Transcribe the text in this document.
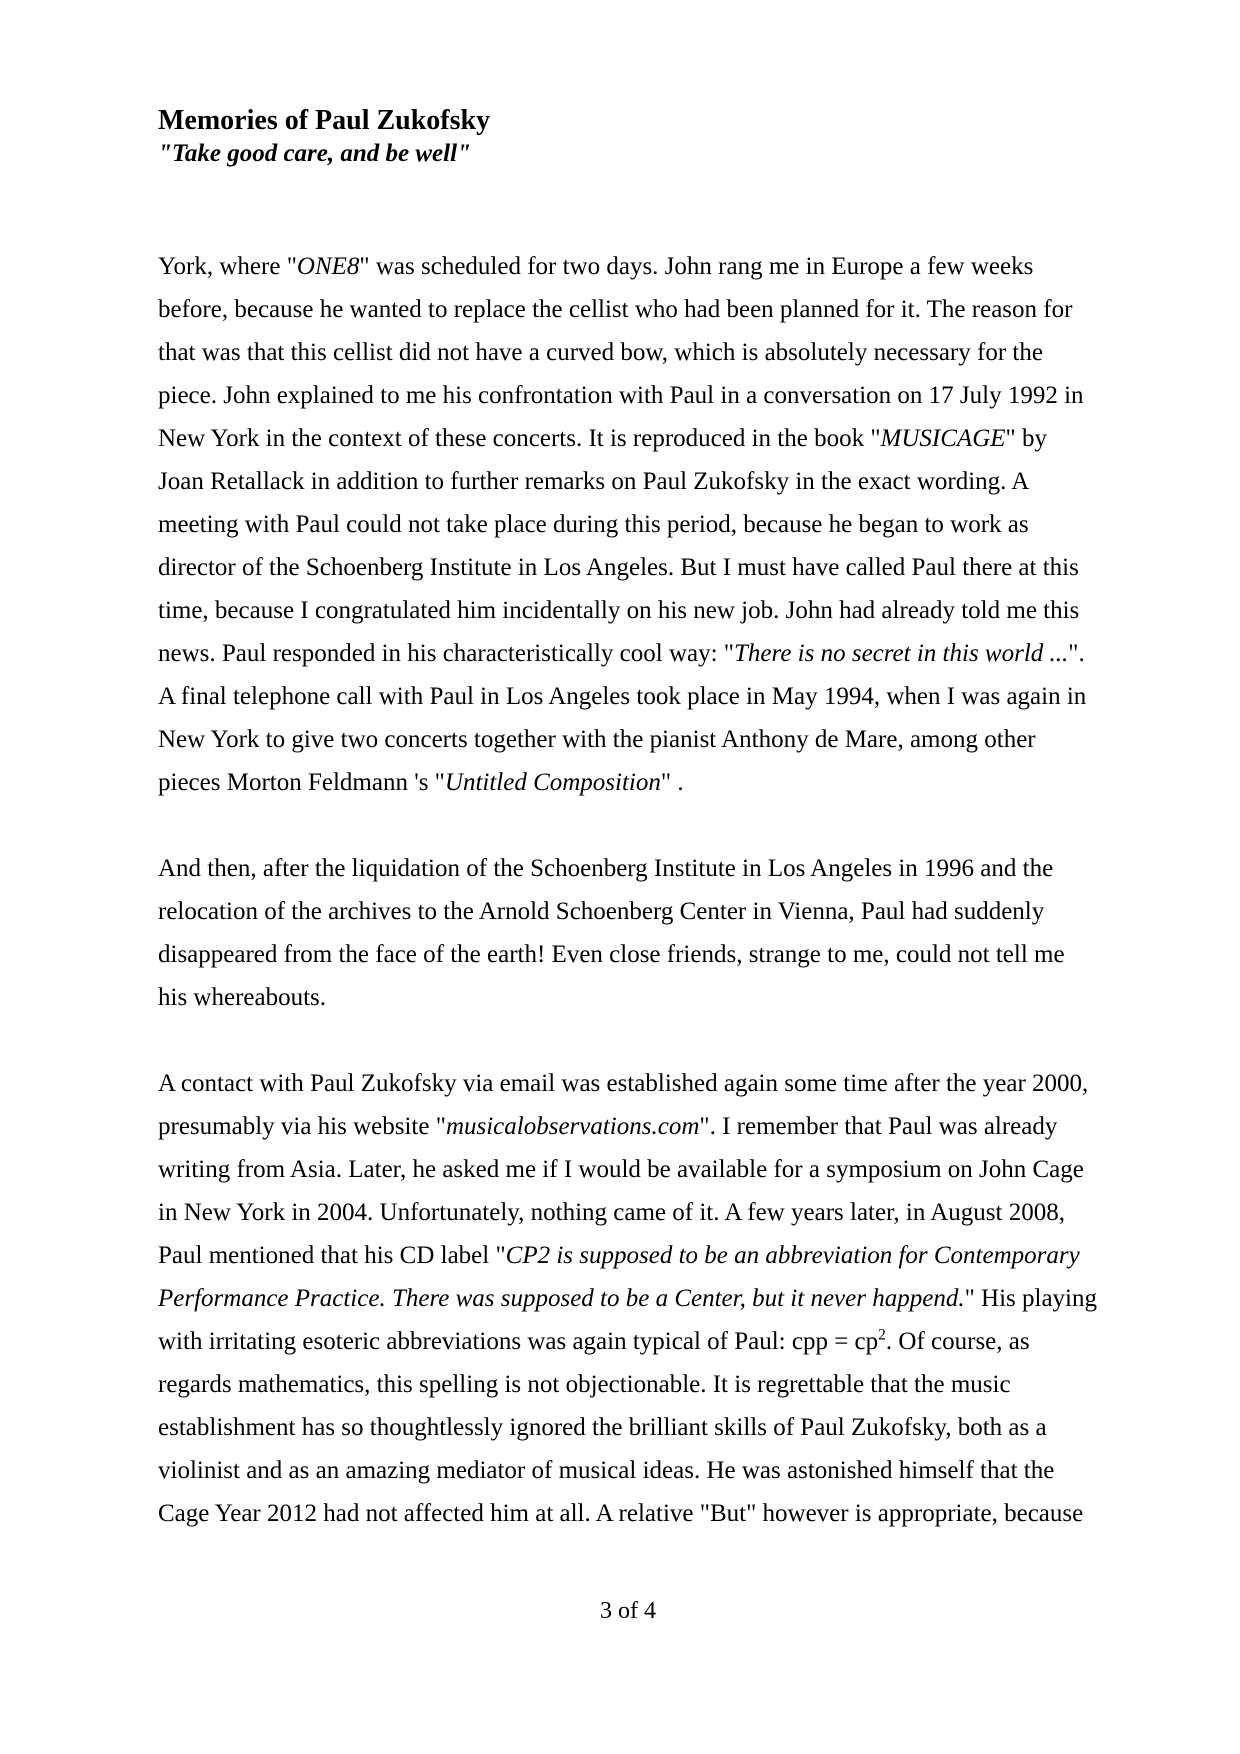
Memories of Paul Zukofsky
"Take good care, and be well"

York, where "ONE8" was scheduled for two days. John rang me in Europe a few weeks before, because he wanted to replace the cellist who had been planned for it. The reason for that was that this cellist did not have a curved bow, which is absolutely necessary for the piece. John explained to me his confrontation with Paul in a conversation on 17 July 1992 in New York in the context of these concerts. It is reproduced in the book "MUSICAGE" by Joan Retallack in addition to further remarks on Paul Zukofsky in the exact wording. A meeting with Paul could not take place during this period, because he began to work as director of the Schoenberg Institute in Los Angeles. But I must have called Paul there at this time, because I congratulated him incidentally on his new job. John had already told me this news. Paul responded in his characteristically cool way: "There is no secret in this world ...". A final telephone call with Paul in Los Angeles took place in May 1994, when I was again in New York to give two concerts together with the pianist Anthony de Mare, among other pieces Morton Feldmann 's "Untitled Composition" .

And then, after the liquidation of the Schoenberg Institute in Los Angeles in 1996 and the relocation of the archives to the Arnold Schoenberg Center in Vienna, Paul had suddenly disappeared from the face of the earth! Even close friends, strange to me, could not tell me his whereabouts.

A contact with Paul Zukofsky via email was established again some time after the year 2000, presumably via his website "musicalobservations.com". I remember that Paul was already writing from Asia. Later, he asked me if I would be available for a symposium on John Cage in New York in 2004. Unfortunately, nothing came of it. A few years later, in August 2008, Paul mentioned that his CD label "CP2 is supposed to be an abbreviation for Contemporary Performance Practice. There was supposed to be a Center, but it never happend." His playing with irritating esoteric abbreviations was again typical of Paul: cpp = $cp^2$. Of course, as regards mathematics, this spelling is not objectionable. It is regrettable that the music establishment has so thoughtlessly ignored the brilliant skills of Paul Zukofsky, both as a violinist and as an amazing mediator of musical ideas. He was astonished himself that the Cage Year 2012 had not affected him at all. A relative "But" however is appropriate, because

3 of 4
